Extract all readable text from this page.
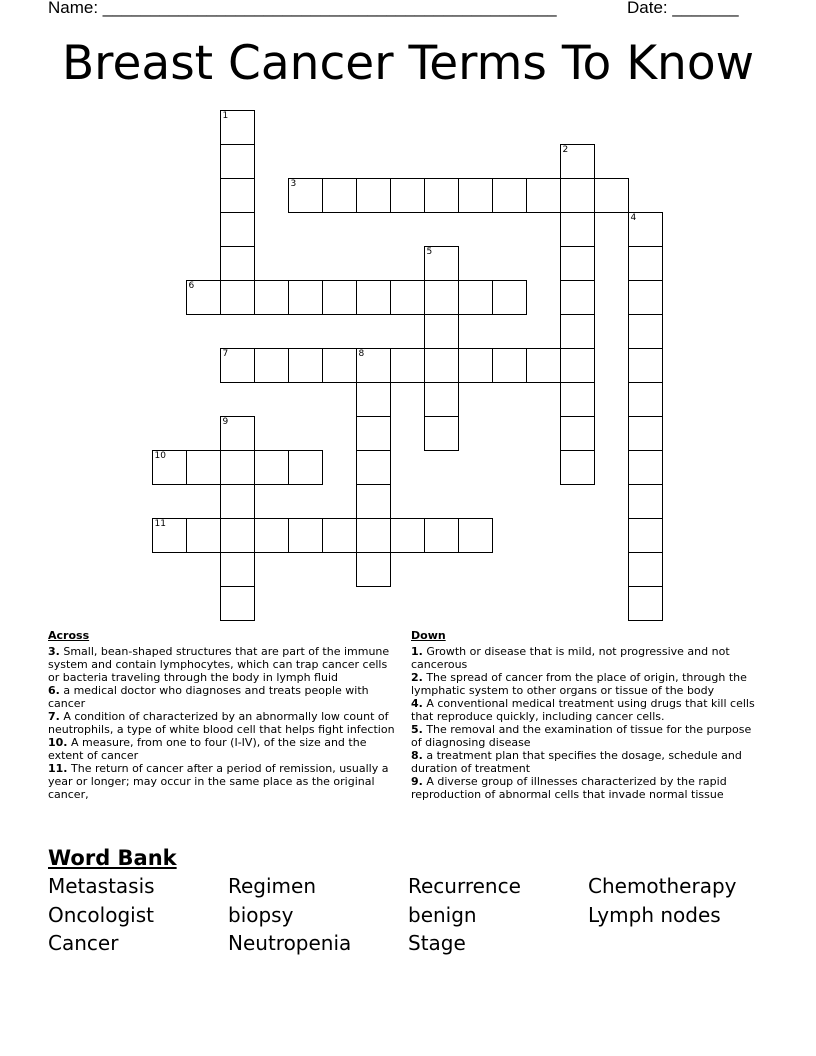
Name: ________________________________________________	Date: _______
Breast Cancer Terms To Know
1
2
3
4
5
6
7	8
9
10
11
Across
3. Small, bean-shaped structures that are part of the immune system and contain lymphocytes, which can trap cancer cells or bacteria traveling through the body in lymph fluid
6. a medical doctor who diagnoses and treats people with cancer
7. A condition of characterized by an abnormally low count of neutrophils, a type of white blood cell that helps fight infection
10. A measure, from one to four (I-IV), of the size and the extent of cancer
11. The return of cancer after a period of remission, usually a year or longer; may occur in the same place as the original cancer,
Down
1. Growth or disease that is mild, not progressive and not cancerous
2. The spread of cancer from the place of origin, through the lymphatic system to other organs or tissue of the body
4. A conventional medical treatment using drugs that kill cells that reproduce quickly, including cancer cells.
5. The removal and the examination of tissue for the purpose of diagnosing disease
8. a treatment plan that specifies the dosage, schedule and duration of treatment
9. A diverse group of illnesses characterized by the rapid reproduction of abnormal cells that invade normal tissue
Word Bank
Metastasis	Regimen	Recurrence	Chemotherapy
Oncologist	biopsy	benign	Lymph nodes
Cancer	Neutropenia	Stage
